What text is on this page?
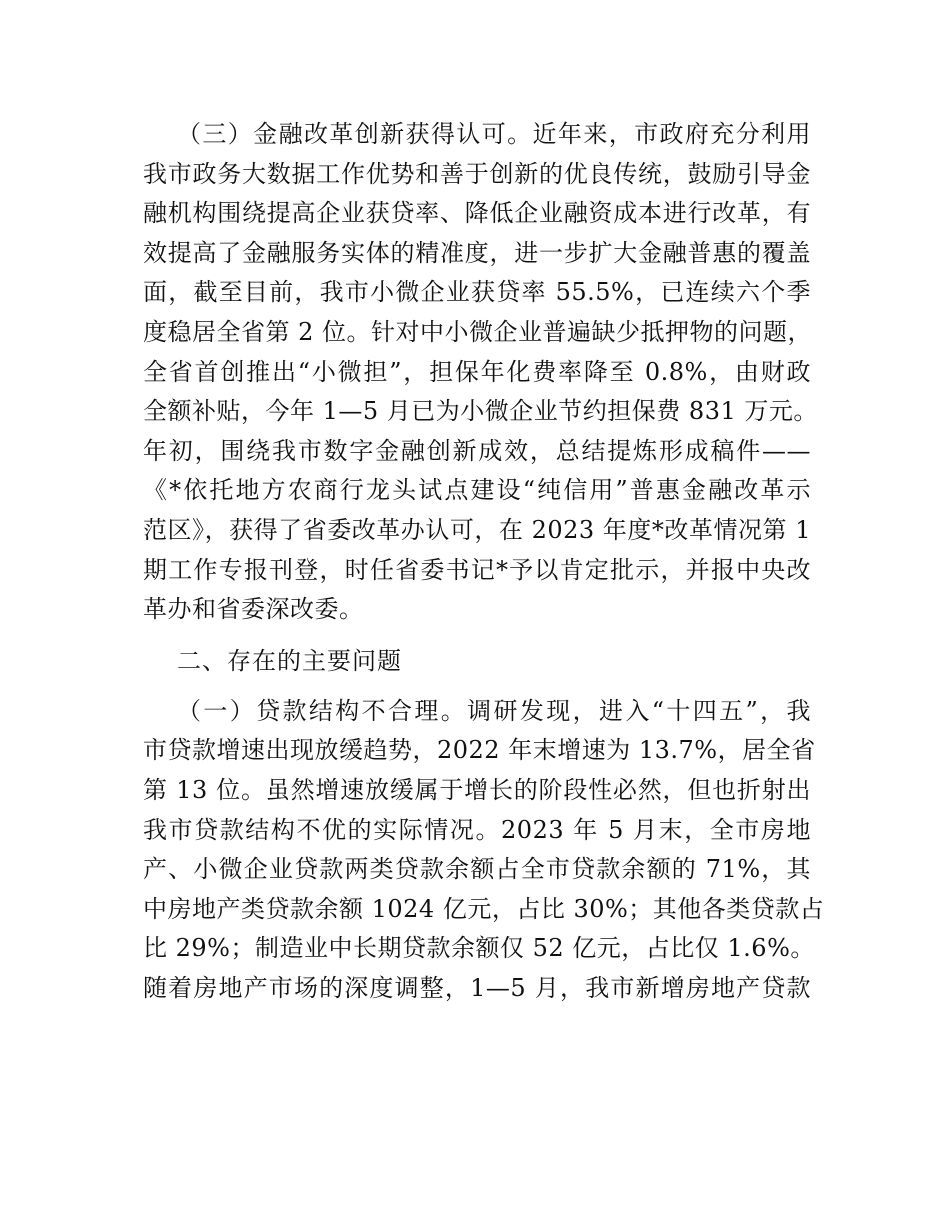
（三）金融改革创新获得认可。近年来，市政府充分利用
我市政务大数据工作优势和善于创新的优良传统，鼓励引导金
融机构围绕提高企业获贷率、降低企业融资成本进行改革，有
效提高了金融服务实体的精准度，进一步扩大金融普惠的覆盖
面，截至目前，我市小微企业获贷率 55.5%，已连续六个季
度稳居全省第 2 位。针对中小微企业普遍缺少抵押物的问题，
全省首创推出“小微担”，担保年化费率降至 0.8%，由财政
全额补贴，今年 1—5 月已为小微企业节约担保费 831 万元。
年初，围绕我市数字金融创新成效，总结提炼形成稿件——
《*依托地方农商行龙头试点建设“纯信用”普惠金融改革示
范区》，获得了省委改革办认可，在 2023 年度*改革情况第 1
期工作专报刊登，时任省委书记*予以肯定批示，并报中央改
革办和省委深改委。
二、存在的主要问题
（一）贷款结构不合理。调研发现，进入“十四五”，我
市贷款增速出现放缓趋势，2022 年末增速为 13.7%，居全省
第 13 位。虽然增速放缓属于增长的阶段性必然，但也折射出
我市贷款结构不优的实际情况。2023 年 5 月末，全市房地
产、小微企业贷款两类贷款余额占全市贷款余额的 71%，其
中房地产类贷款余额 1024 亿元，占比 30%；其他各类贷款占
比 29%；制造业中长期贷款余额仅 52 亿元，占比仅 1.6%。
随着房地产市场的深度调整，1—5 月，我市新增房地产贷款
